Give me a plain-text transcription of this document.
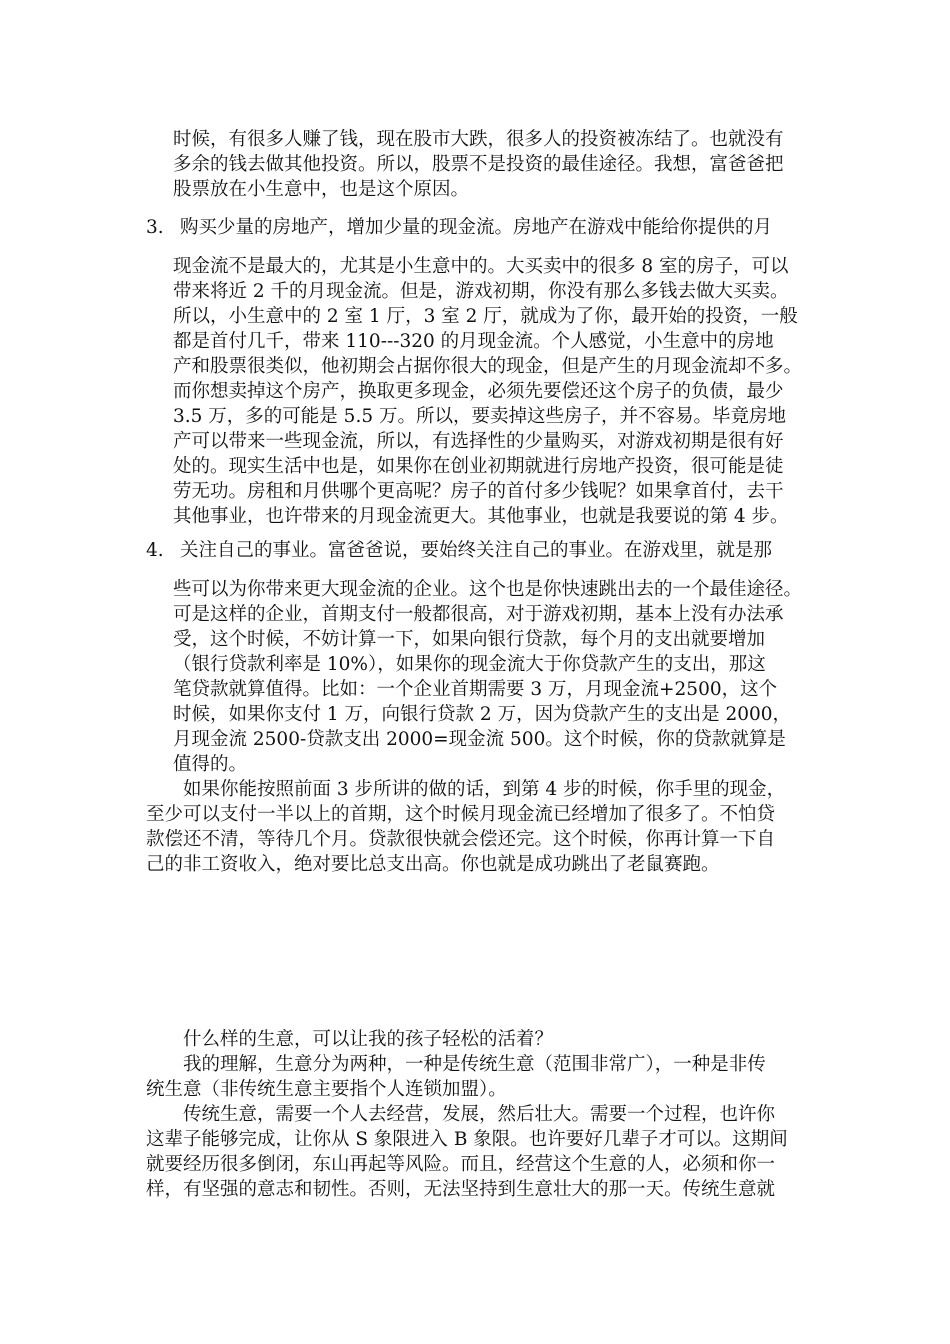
时候，有很多人赚了钱，现在股市大跌，很多人的投资被冻结了。也就没有
多余的钱去做其他投资。所以，股票不是投资的最佳途径。我想，富爸爸把
股票放在小生意中，也是这个原因。
3. 购买少量的房地产，增加少量的现金流。房地产在游戏中能给你提供的月
现金流不是最大的，尤其是小生意中的。大买卖中的很多 8 室的房子，可以
带来将近 2 千的月现金流。但是，游戏初期，你没有那么多钱去做大买卖。
所以，小生意中的 2 室 1 厅，3 室 2 厅，就成为了你，最开始的投资，一般
都是首付几千，带来 110---320 的月现金流。个人感觉，小生意中的房地
产和股票很类似，他初期会占据你很大的现金，但是产生的月现金流却不多。
而你想卖掉这个房产，换取更多现金，必须先要偿还这个房子的负债，最少
3.5 万，多的可能是 5.5 万。所以，要卖掉这些房子，并不容易。毕竟房地
产可以带来一些现金流，所以，有选择性的少量购买，对游戏初期是很有好
处的。现实生活中也是，如果你在创业初期就进行房地产投资，很可能是徒
劳无功。房租和月供哪个更高呢？房子的首付多少钱呢？如果拿首付，去干
其他事业，也许带来的月现金流更大。其他事业，也就是我要说的第 4 步。
4. 关注自己的事业。富爸爸说，要始终关注自己的事业。在游戏里，就是那
些可以为你带来更大现金流的企业。这个也是你快速跳出去的一个最佳途径。
可是这样的企业，首期支付一般都很高，对于游戏初期，基本上没有办法承
受，这个时候，不妨计算一下，如果向银行贷款，每个月的支出就要增加
（银行贷款利率是 10%），如果你的现金流大于你贷款产生的支出，那这
笔贷款就算值得。比如：一个企业首期需要 3 万，月现金流+2500，这个
时候，如果你支付 1 万，向银行贷款 2 万，因为贷款产生的支出是 2000，
月现金流 2500-贷款支出 2000=现金流 500。这个时候，你的贷款就算是
值得的。
如果你能按照前面 3 步所讲的做的话，到第 4 步的时候，你手里的现金，
至少可以支付一半以上的首期，这个时候月现金流已经增加了很多了。不怕贷
款偿还不清，等待几个月。贷款很快就会偿还完。这个时候，你再计算一下自
己的非工资收入，绝对要比总支出高。你也就是成功跳出了老鼠赛跑。
什么样的生意，可以让我的孩子轻松的活着？
我的理解，生意分为两种，一种是传统生意（范围非常广），一种是非传
统生意（非传统生意主要指个人连锁加盟）。
传统生意，需要一个人去经营，发展，然后壮大。需要一个过程，也许你
这辈子能够完成，让你从 S 象限进入 B 象限。也许要好几辈子才可以。这期间
就要经历很多倒闭，东山再起等风险。而且，经营这个生意的人，必须和你一
样，有坚强的意志和韧性。否则，无法坚持到生意壮大的那一天。传统生意就
